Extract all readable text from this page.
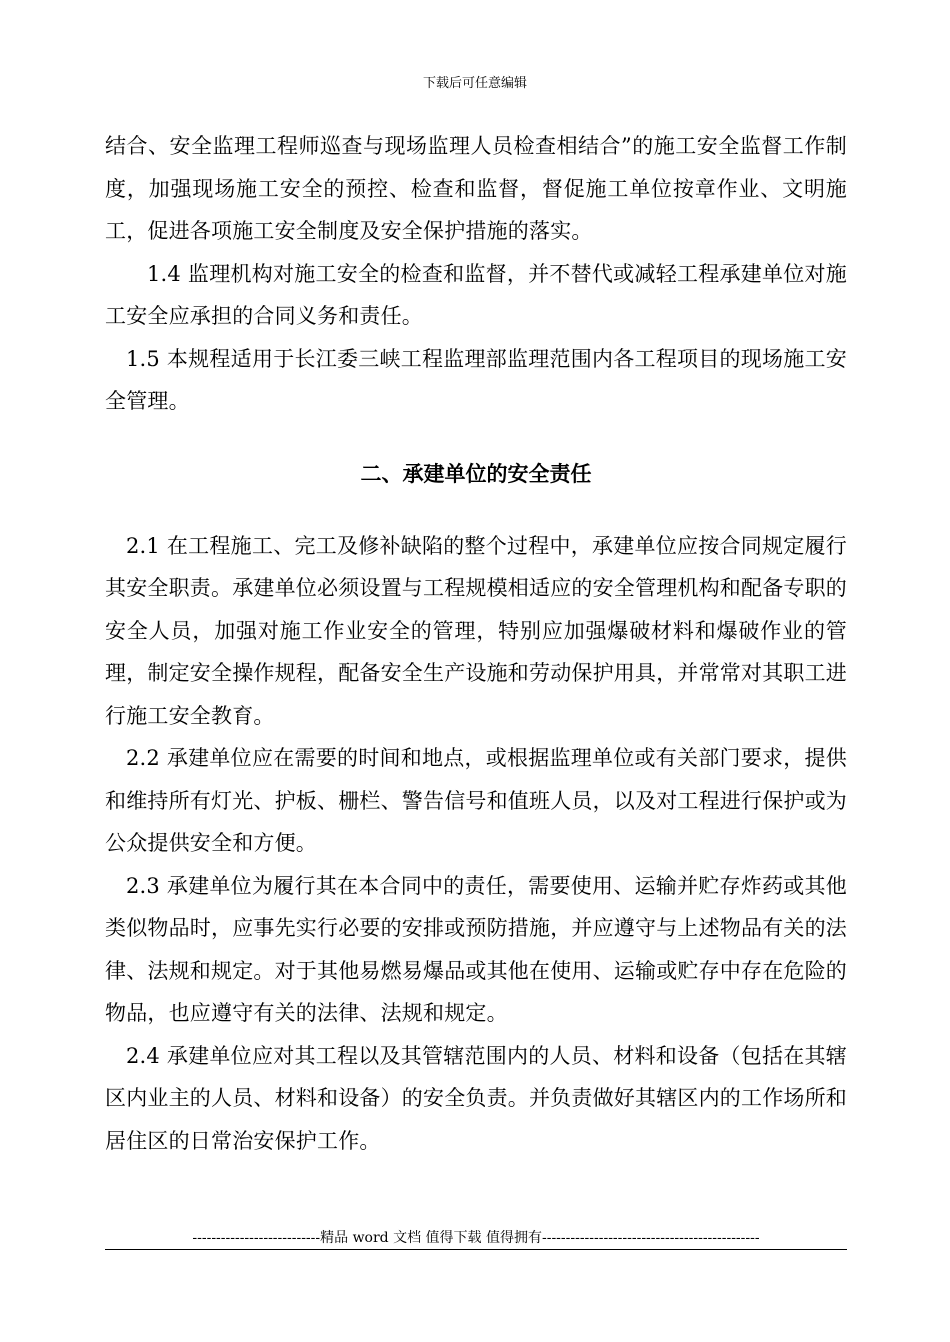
下载后可任意编辑

结合、安全监理工程师巡查与现场监理人员检查相结合”的施工安全监督工作制度，加强现场施工安全的预控、检查和监督，督促施工单位按章作业、文明施工，促进各项施工安全制度及安全保护措施的落实。

1.4 监理机构对施工安全的检查和监督，并不替代或减轻工程承建单位对施工安全应承担的合同义务和责任。

1.5 本规程适用于长江委三峡工程监理部监理范围内各工程项目的现场施工安全管理。

二、承建单位的安全责任

2.1 在工程施工、完工及修补缺陷的整个过程中，承建单位应按合同规定履行其安全职责。承建单位必须设置与工程规模相适应的安全管理机构和配备专职的安全人员，加强对施工作业安全的管理，特别应加强爆破材料和爆破作业的管理，制定安全操作规程，配备安全生产设施和劳动保护用具，并常常对其职工进行施工安全教育。

2.2 承建单位应在需要的时间和地点，或根据监理单位或有关部门要求，提供和维持所有灯光、护板、栅栏、警告信号和值班人员，以及对工程进行保护或为公众提供安全和方便。

2.3 承建单位为履行其在本合同中的责任，需要使用、运输并贮存炸药或其他类似物品时，应事先实行必要的安排或预防措施，并应遵守与上述物品有关的法律、法规和规定。对于其他易燃易爆品或其他在使用、运输或贮存中存在危险的物品，也应遵守有关的法律、法规和规定。

2.4 承建单位应对其工程以及其管辖范围内的人员、材料和设备（包括在其辖区内业主的人员、材料和设备）的安全负责。并负责做好其辖区内的工作场所和居住区的日常治安保护工作。

---------------------------精品 word 文档 值得下载 值得拥有----------------------------------------------
